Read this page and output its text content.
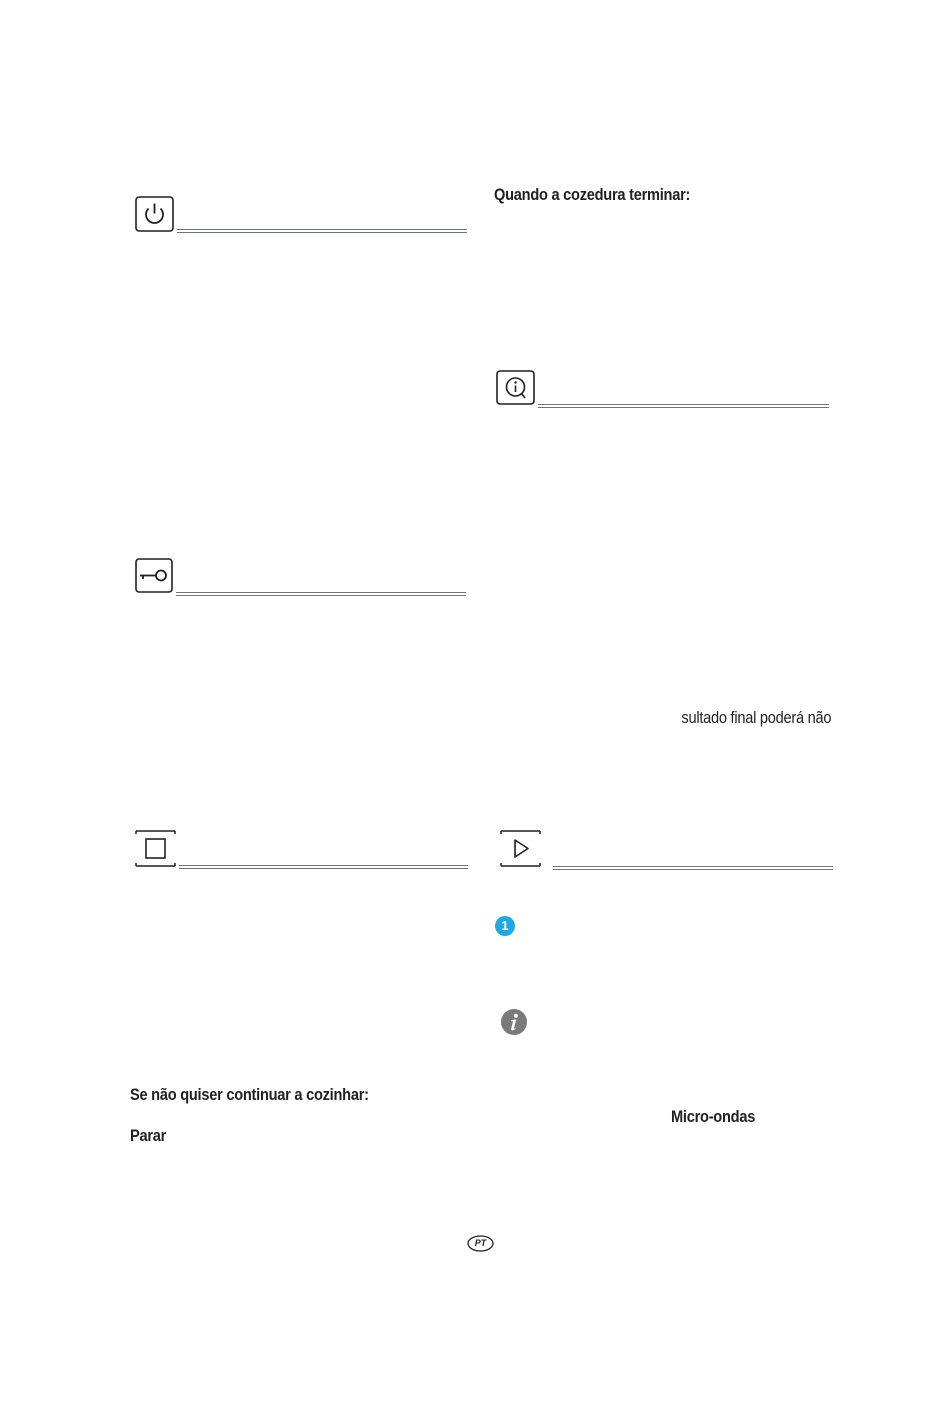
Se não quiser continuar a cozinhar:
Parar
Quando a cozedura terminar:
sultado final poderá não
1
Micro-ondas
PT
